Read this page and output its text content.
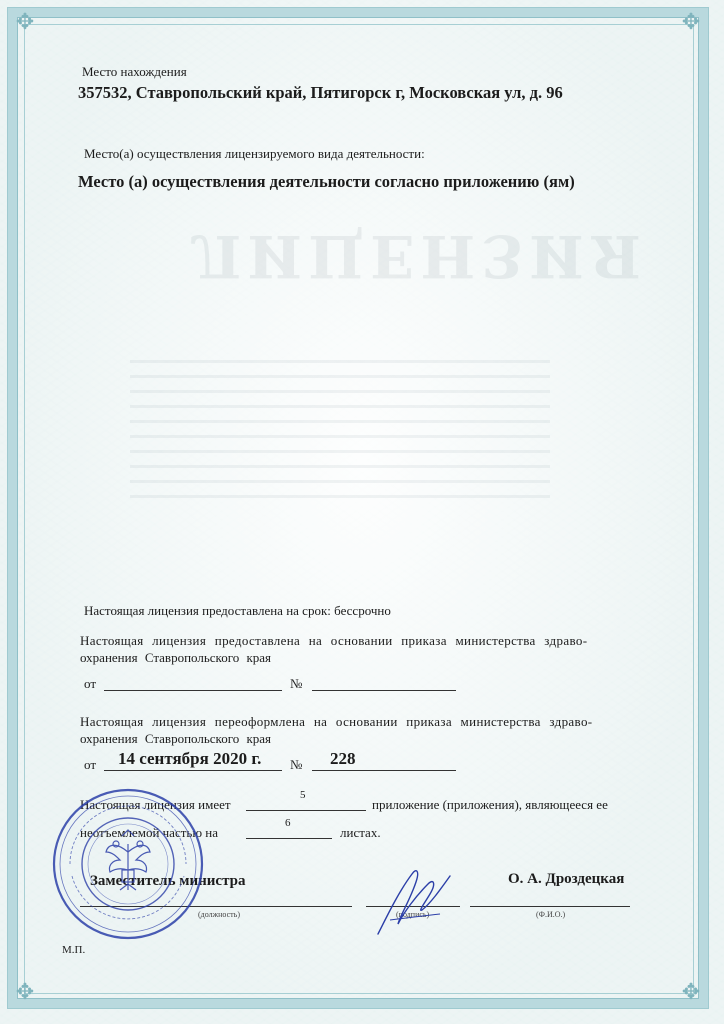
✥	✥
✥	✥
ЛИЦЕНЗИЯ
Место нахождения
357532, Ставропольский край, Пятигорск г, Московская ул, д. 96
Место(а) осуществления лицензируемого вида деятельности:
Место (а) осуществления деятельности согласно приложению (ям)
Настоящая лицензия предоставлена на срок: бессрочно
Настоящая лицензия предоставлена на основании приказа министерства здраво-
охранения Ставропольского края
от	№
Настоящая лицензия переоформлена на основании приказа министерства здраво-
охранения Ставропольского края
от 14 сентября 2020 г. № 228
Настоящая лицензия имеет
5
приложение (приложения), являющееся ее
неотъемлемой частью на
6
листах.
Заместитель министра	О. А. Дроздецкая
(должность)	(подпись)	(Ф.И.О.)
М.П.
